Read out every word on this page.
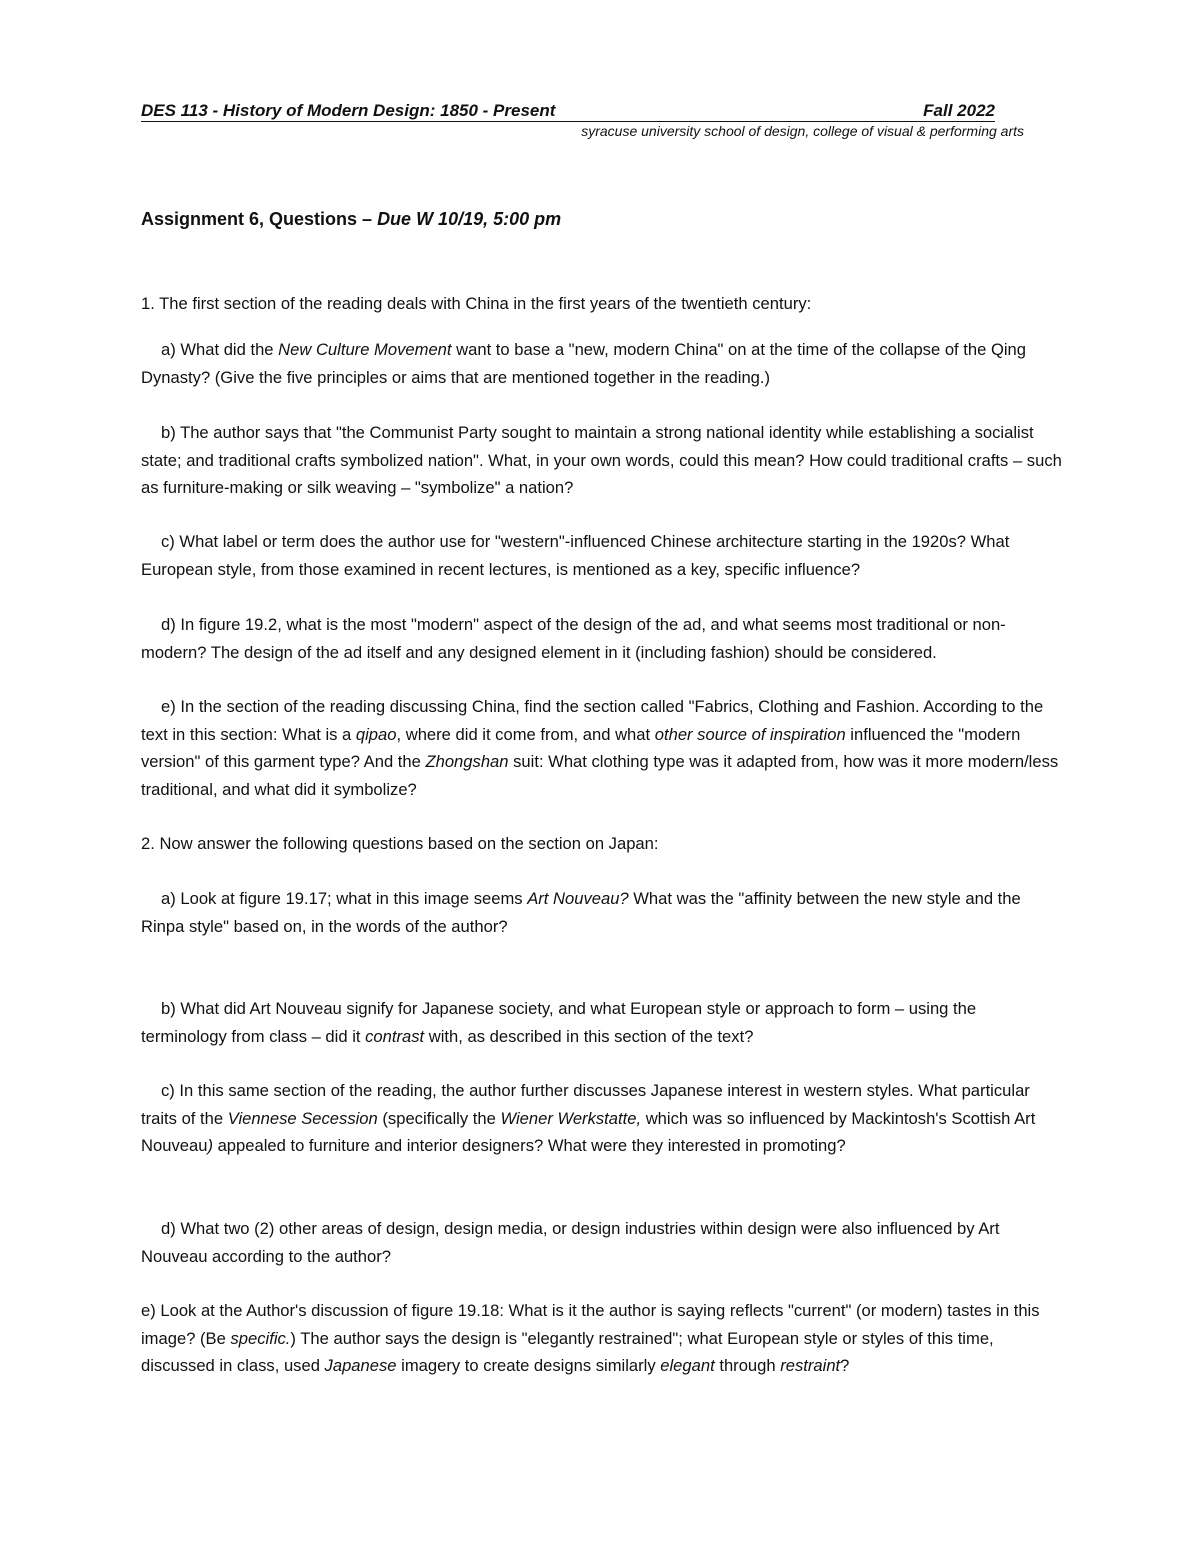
DES 113 - History of Modern Design: 1850 - Present	Fall 2022
syracuse university school of design, college of visual & performing arts
Assignment 6, Questions – Due W 10/19, 5:00 pm

1. The first section of the reading deals with China in the first years of the twentieth century:

a) What did the New Culture Movement want to base a "new, modern China" on at the time of the collapse of the Qing Dynasty? (Give the five principles or aims that are mentioned together in the reading.)

b) The author says that "the Communist Party sought to maintain a strong national identity while establishing a socialist state; and traditional crafts symbolized nation". What, in your own words, could this mean? How could traditional crafts – such as furniture-making or silk weaving – "symbolize" a nation?

c) What label or term does the author use for "western"-influenced Chinese architecture starting in the 1920s? What European style, from those examined in recent lectures, is mentioned as a key, specific influence?

d) In figure 19.2, what is the most "modern" aspect of the design of the ad, and what seems most traditional or non-modern? The design of the ad itself and any designed element in it (including fashion) should be considered.

e) In the section of the reading discussing China, find the section called "Fabrics, Clothing and Fashion. According to the text in this section: What is a qipao, where did it come from, and what other source of inspiration influenced the "modern version" of this garment type? And the Zhongshan suit: What clothing type was it adapted from, how was it more modern/less traditional, and what did it symbolize?

2. Now answer the following questions based on the section on Japan:

a) Look at figure 19.17; what in this image seems Art Nouveau? What was the "affinity between the new style and the Rinpa style" based on, in the words of the author?

b) What did Art Nouveau signify for Japanese society, and what European style or approach to form – using the terminology from class – did it contrast with, as described in this section of the text?

c) In this same section of the reading, the author further discusses Japanese interest in western styles. What particular traits of the Viennese Secession (specifically the Wiener Werkstatte, which was so influenced by Mackintosh's Scottish Art Nouveau) appealed to furniture and interior designers? What were they interested in promoting?

d) What two (2) other areas of design, design media, or design industries within design were also influenced by Art Nouveau according to the author?

e) Look at the Author's discussion of figure 19.18: What is it the author is saying reflects "current" (or modern) tastes in this image? (Be specific.) The author says the design is "elegantly restrained"; what European style or styles of this time, discussed in class, used Japanese imagery to create designs similarly elegant through restraint?
